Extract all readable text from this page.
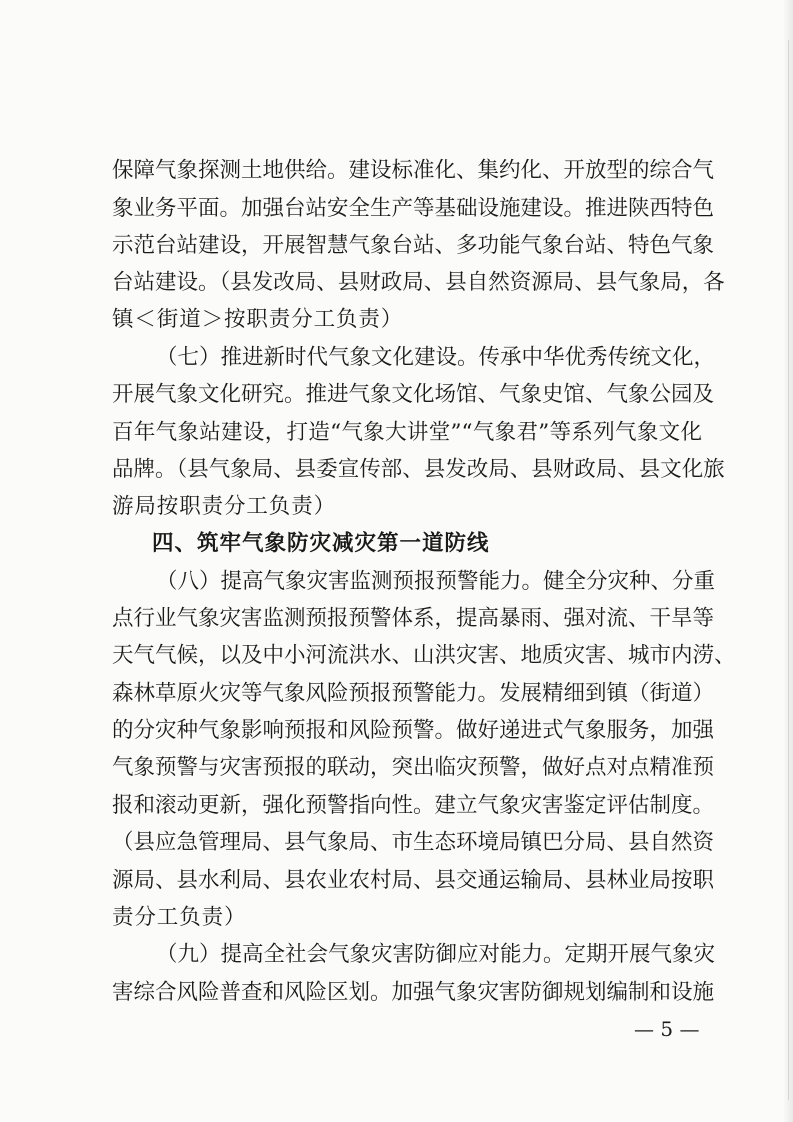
保障气象探测土地供给。建设标准化、集约化、开放型的综合气
象业务平面。加强台站安全生产等基础设施建设。推进陕西特色
示范台站建设，开展智慧气象台站、多功能气象台站、特色气象
台站建设。（县发改局、县财政局、县自然资源局、县气象局，各
镇＜街道＞按职责分工负责）
（七）推进新时代气象文化建设。传承中华优秀传统文化，
开展气象文化研究。推进气象文化场馆、气象史馆、气象公园及
百年气象站建设，打造“气象大讲堂”“气象君”等系列气象文化
品牌。（县气象局、县委宣传部、县发改局、县财政局、县文化旅
游局按职责分工负责）
四、筑牢气象防灾减灾第一道防线
（八）提高气象灾害监测预报预警能力。健全分灾种、分重
点行业气象灾害监测预报预警体系，提高暴雨、强对流、干旱等
天气气候，以及中小河流洪水、山洪灾害、地质灾害、城市内涝、
森林草原火灾等气象风险预报预警能力。发展精细到镇（街道）
的分灾种气象影响预报和风险预警。做好递进式气象服务，加强
气象预警与灾害预报的联动，突出临灾预警，做好点对点精准预
报和滚动更新，强化预警指向性。建立气象灾害鉴定评估制度。
（县应急管理局、县气象局、市生态环境局镇巴分局、县自然资
源局、县水利局、县农业农村局、县交通运输局、县林业局按职
责分工负责）
（九）提高全社会气象灾害防御应对能力。定期开展气象灾
害综合风险普查和风险区划。加强气象灾害防御规划编制和设施
— 5 —
